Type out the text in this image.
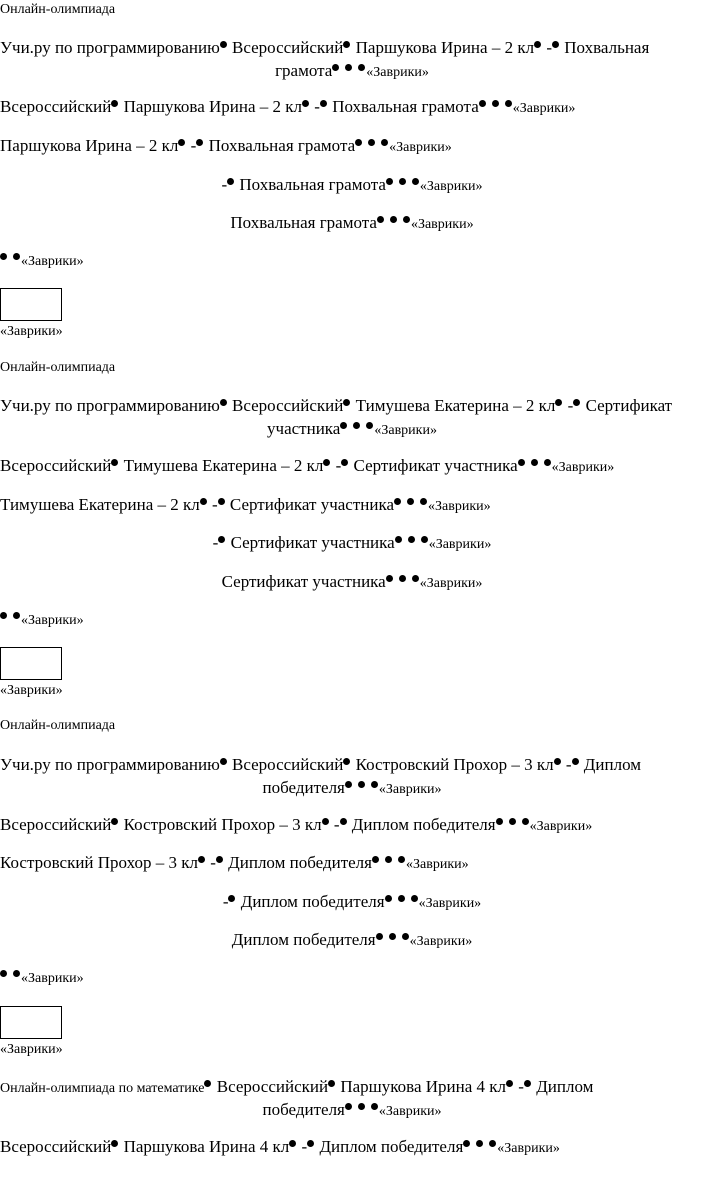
Онлайн-олимпиада
Учи.ру по программированию Всероссийский Паршукова Ирина – 2 кл - Похвальная
грамота «Заврики»
Всероссийский Паршукова Ирина – 2 кл - Похвальная грамота «Заврики»
Паршукова Ирина – 2 кл - Похвальная грамота «Заврики»
- Похвальная грамота «Заврики»
Похвальная грамота «Заврики»
«Заврики»
«Заврики»
Онлайн-олимпиада
Учи.ру по программированию Всероссийский Тимушева Екатерина – 2 кл - Сертификат
участника «Заврики»
Всероссийский Тимушева Екатерина – 2 кл - Сертификат участника «Заврики»
Тимушева Екатерина – 2 кл - Сертификат участника «Заврики»
- Сертификат участника «Заврики»
Сертификат участника «Заврики»
«Заврики»
«Заврики»
Онлайн-олимпиада
Учи.ру по программированию Всероссийский Костровский Прохор – 3 кл - Диплом
победителя «Заврики»
Всероссийский Костровский Прохор – 3 кл - Диплом победителя «Заврики»
Костровский Прохор – 3 кл - Диплом победителя «Заврики»
- Диплом победителя «Заврики»
Диплом победителя «Заврики»
«Заврики»
«Заврики»
Онлайн-олимпиада по математике Всероссийский Паршукова Ирина 4 кл - Диплом
победителя «Заврики»
Всероссийский Паршукова Ирина 4 кл - Диплом победителя «Заврики»
